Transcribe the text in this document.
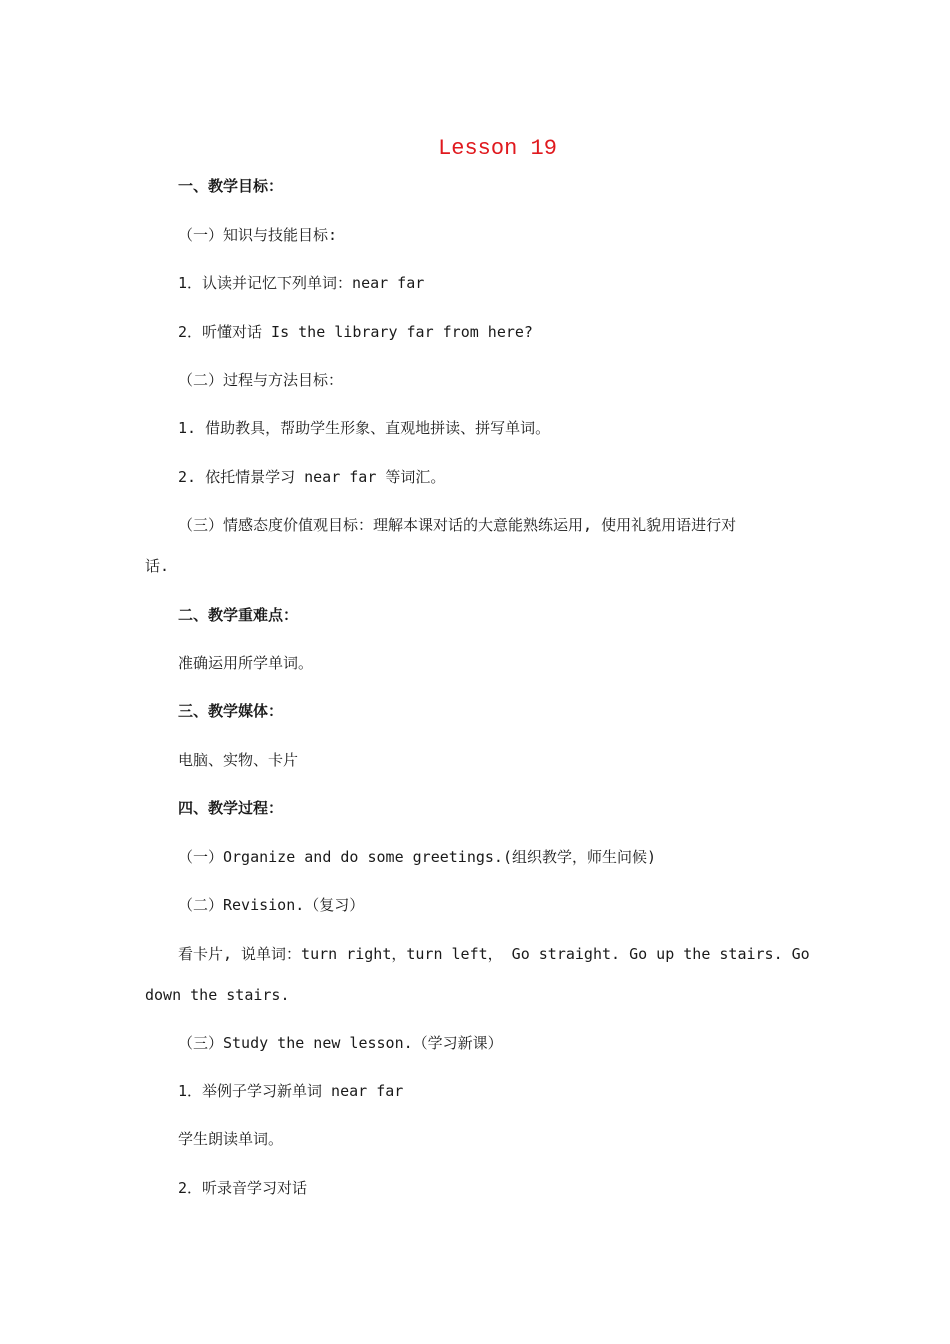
Lesson 19
一、教学目标：
（一）知识与技能目标:
1．认读并记忆下列单词：near far
2．听懂对话 Is the library far from here?
（二）过程与方法目标：
1. 借助教具，帮助学生形象、直观地拼读、拼写单词。
2. 依托情景学习 near far 等词汇。
（三）情感态度价值观目标：理解本课对话的大意能熟练运用, 使用礼貌用语进行对
话.
二、教学重难点：
准确运用所学单词。
三、教学媒体：
电脑、实物、卡片
四、教学过程：
（一）Organize and do some greetings.(组织教学，师生问候)
（二）Revision.（复习）
看卡片, 说单词：turn right，turn left， Go straight. Go up the stairs. Go
down the stairs.
（三）Study the new lesson.（学习新课）
1．举例子学习新单词 near far
学生朗读单词。
2．听录音学习对话
